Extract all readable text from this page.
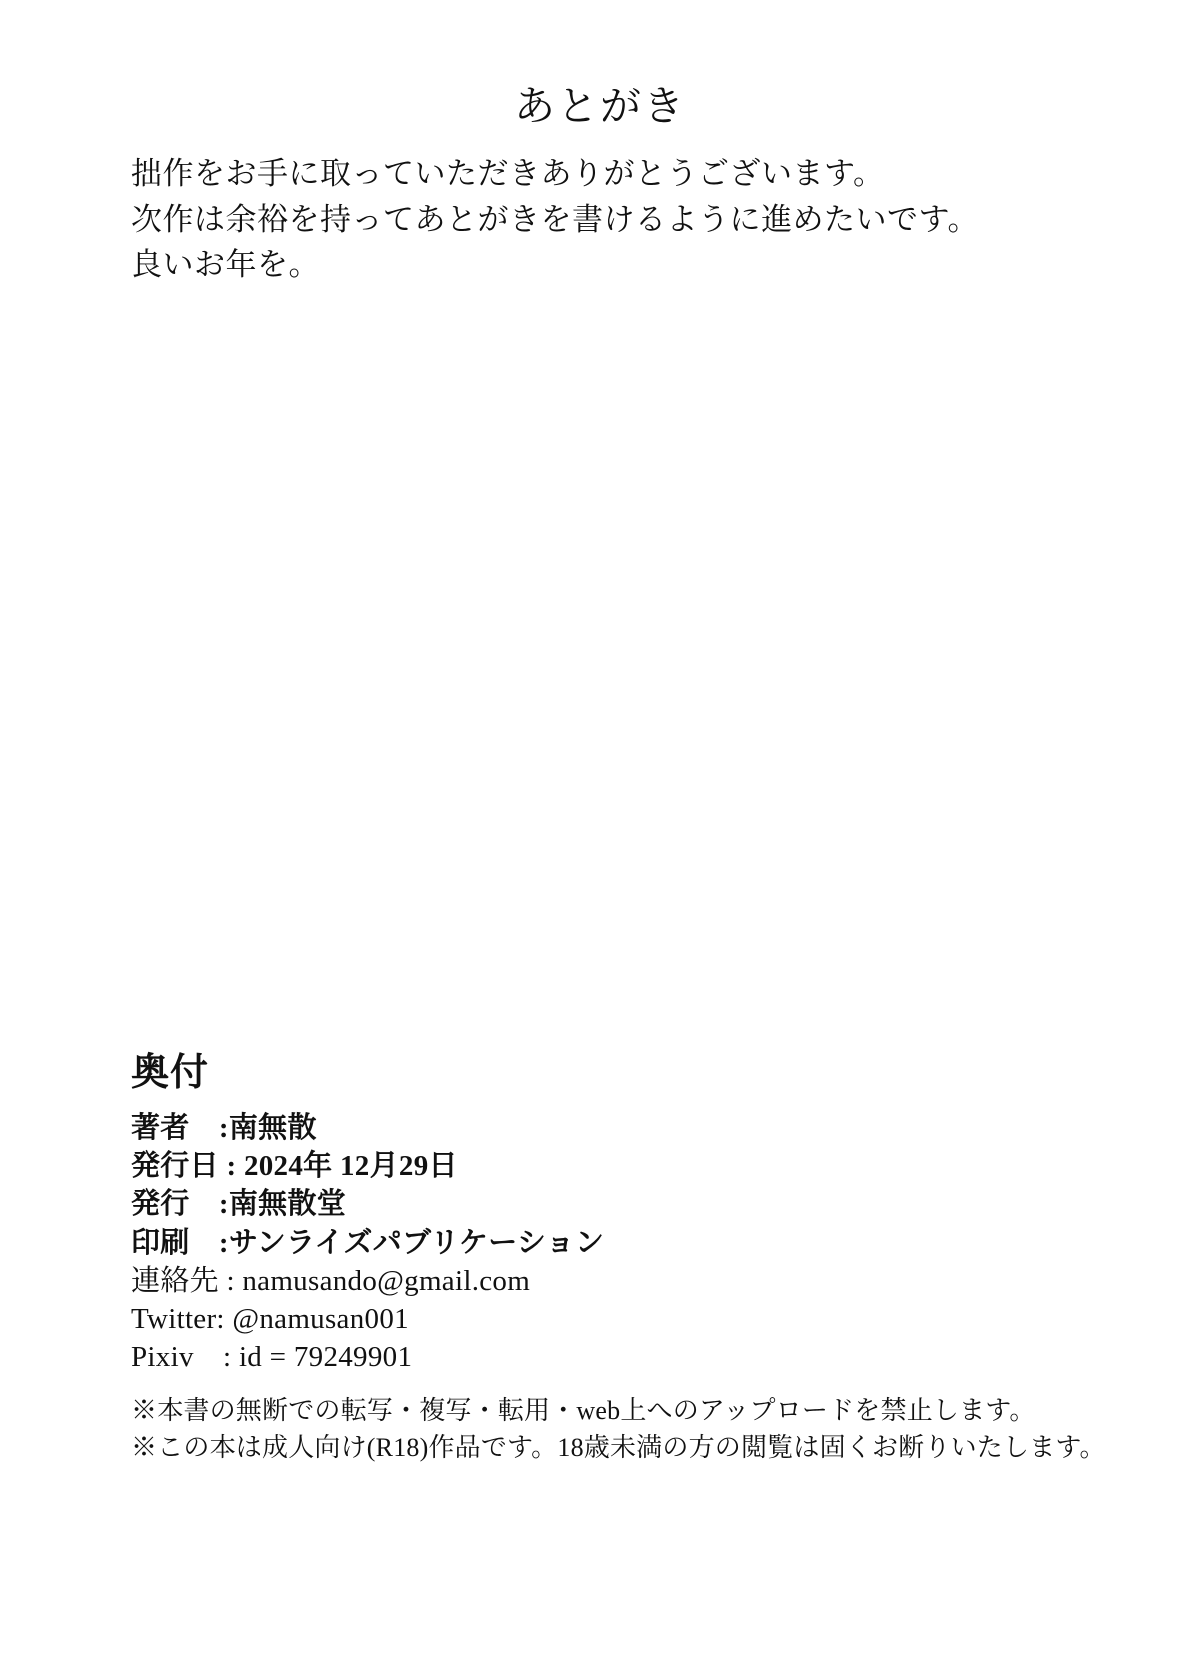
あとがき
拙作をお手に取っていただきありがとうございます。
次作は余裕を持ってあとがきを書けるように進めたいです。
良いお年を。
奥付
著者　:南無散
発行日 : 2024年 12月29日
発行　:南無散堂
印刷　:サンライズパブリケーション
連絡先 : namusando@gmail.com
Twitter: @namusan001
Pixiv　: id = 79249901
※本書の無断での転写・複写・転用・web上へのアップロードを禁止します。
※この本は成人向け(R18)作品です。18歳未満の方の閲覧は固くお断りいたします。
